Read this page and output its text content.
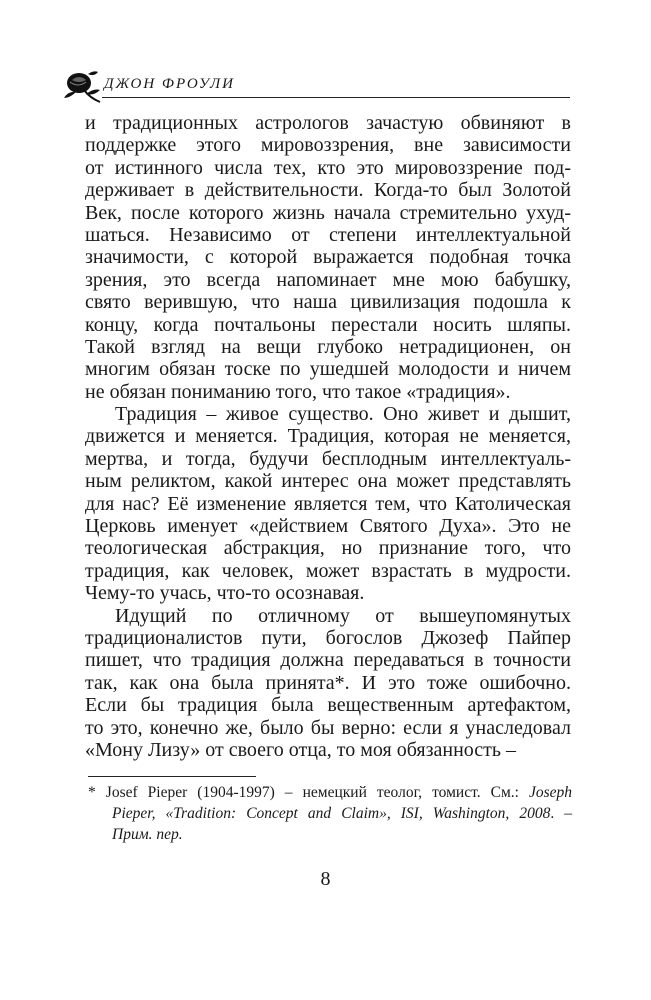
ДЖОН ФРОУЛИ
и традиционных астрологов зачастую обвиняют в
поддержке этого мировоззрения, вне зависимости
от истинного числа тех, кто это мировоззрение под-
держивает в действительности. Когда-то был Золотой
Век, после которого жизнь начала стремительно ухуд-
шаться. Независимо от степени интеллектуальной
значимости, с которой выражается подобная точка
зрения, это всегда напоминает мне мою бабушку,
свято верившую, что наша цивилизация подошла к
концу, когда почтальоны перестали носить шляпы.
Такой взгляд на вещи глубоко нетрадиционен, он
многим обязан тоске по ушедшей молодости и ничем
не обязан пониманию того, что такое «традиция».
Традиция – живое существо. Оно живет и дышит,
движется и меняется. Традиция, которая не меняется,
мертва, и тогда, будучи бесплодным интеллектуаль-
ным реликтом, какой интерес она может представлять
для нас? Её изменение является тем, что Католическая
Церковь именует «действием Святого Духа». Это не
теологическая абстракция, но признание того, что
традиция, как человек, может взрастать в мудрости.
Чему-то учась, что-то осознавая.
Идущий по отличному от вышеупомянутых
традиционалистов пути, богослов Джозеф Пайпер
пишет, что традиция должна передаваться в точности
так, как она была принята*. И это тоже ошибочно.
Если бы традиция была вещественным артефактом,
то это, конечно же, было бы верно: если я унаследовал
«Мону Лизу» от своего отца, то моя обязанность –
* Josef Pieper (1904-1997) – немецкий теолог, томист. См.: Joseph
Pieper, «Tradition: Concept and Claim», ISI, Washington, 2008. –
Прим. пер.
8
